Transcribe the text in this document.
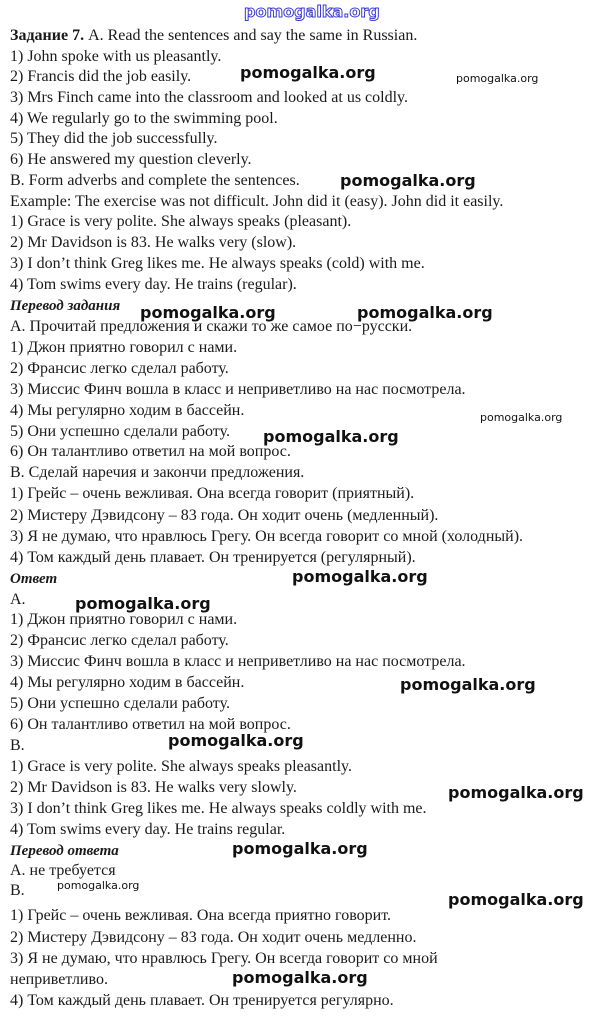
pomogalka.org
Задание 7. A. Read the sentences and say the same in Russian.
1) John spoke with us pleasantly.
2) Francis did the job easily.
3) Mrs Finch came into the classroom and looked at us coldly.
4) We regularly go to the swimming pool.
5) They did the job successfully.
6) He answered my question cleverly.
B. Form adverbs and complete the sentences.
Example: The exercise was not difficult. John did it (easy). John did it easily.
1) Grace is very polite. She always speaks (pleasant).
2) Mr Davidson is 83. He walks very (slow).
3) I don’t think Greg likes me. He always speaks (cold) with me.
4) Tom swims every day. He trains (regular).
Перевод задания
А. Прочитай предложения и скажи то же самое по−русски.
1) Джон приятно говорил с нами.
2) Франсис легко сделал работу.
3) Миссис Финч вошла в класс и неприветливо на нас посмотрела.
4) Мы регулярно ходим в бассейн.
5) Они успешно сделали работу.
6) Он талантливо ответил на мой вопрос.
B. Сделай наречия и закончи предложения.
1) Грейс – очень вежливая. Она всегда говорит (приятный).
2) Мистеру Дэвидсону – 83 года. Он ходит очень (медленный).
3) Я не думаю, что нравлюсь Грегу. Он всегда говорит со мной (холодный).
4) Том каждый день плавает. Он тренируется (регулярный).
Ответ
A.
1) Джон приятно говорил с нами.
2) Франсис легко сделал работу.
3) Миссис Финч вошла в класс и неприветливо на нас посмотрела.
4) Мы регулярно ходим в бассейн.
5) Они успешно сделали работу.
6) Он талантливо ответил на мой вопрос.
B.
1) Grace is very polite. She always speaks pleasantly.
2) Mr Davidson is 83. He walks very slowly.
3) I don’t think Greg likes me. He always speaks coldly with me.
4) Tom swims every day. He trains regular.
Перевод ответа
А. не требуется
B.
1) Грейс – очень вежливая. Она всегда приятно говорит.
2) Мистеру Дэвидсону – 83 года. Он ходит очень медленно.
3) Я не думаю, что нравлюсь Грегу. Он всегда говорит со мной
неприветливо.
4) Том каждый день плавает. Он тренируется регулярно.
pomogalka.org	pomogalka.org
pomogalka.org
pomogalka.org	pomogalka.org
pomogalka.org
pomogalka.org
pomogalka.org
pomogalka.org
pomogalka.org
pomogalka.org
pomogalka.org
pomogalka.org
pomogalka.org
pomogalka.org
pomogalka.org
